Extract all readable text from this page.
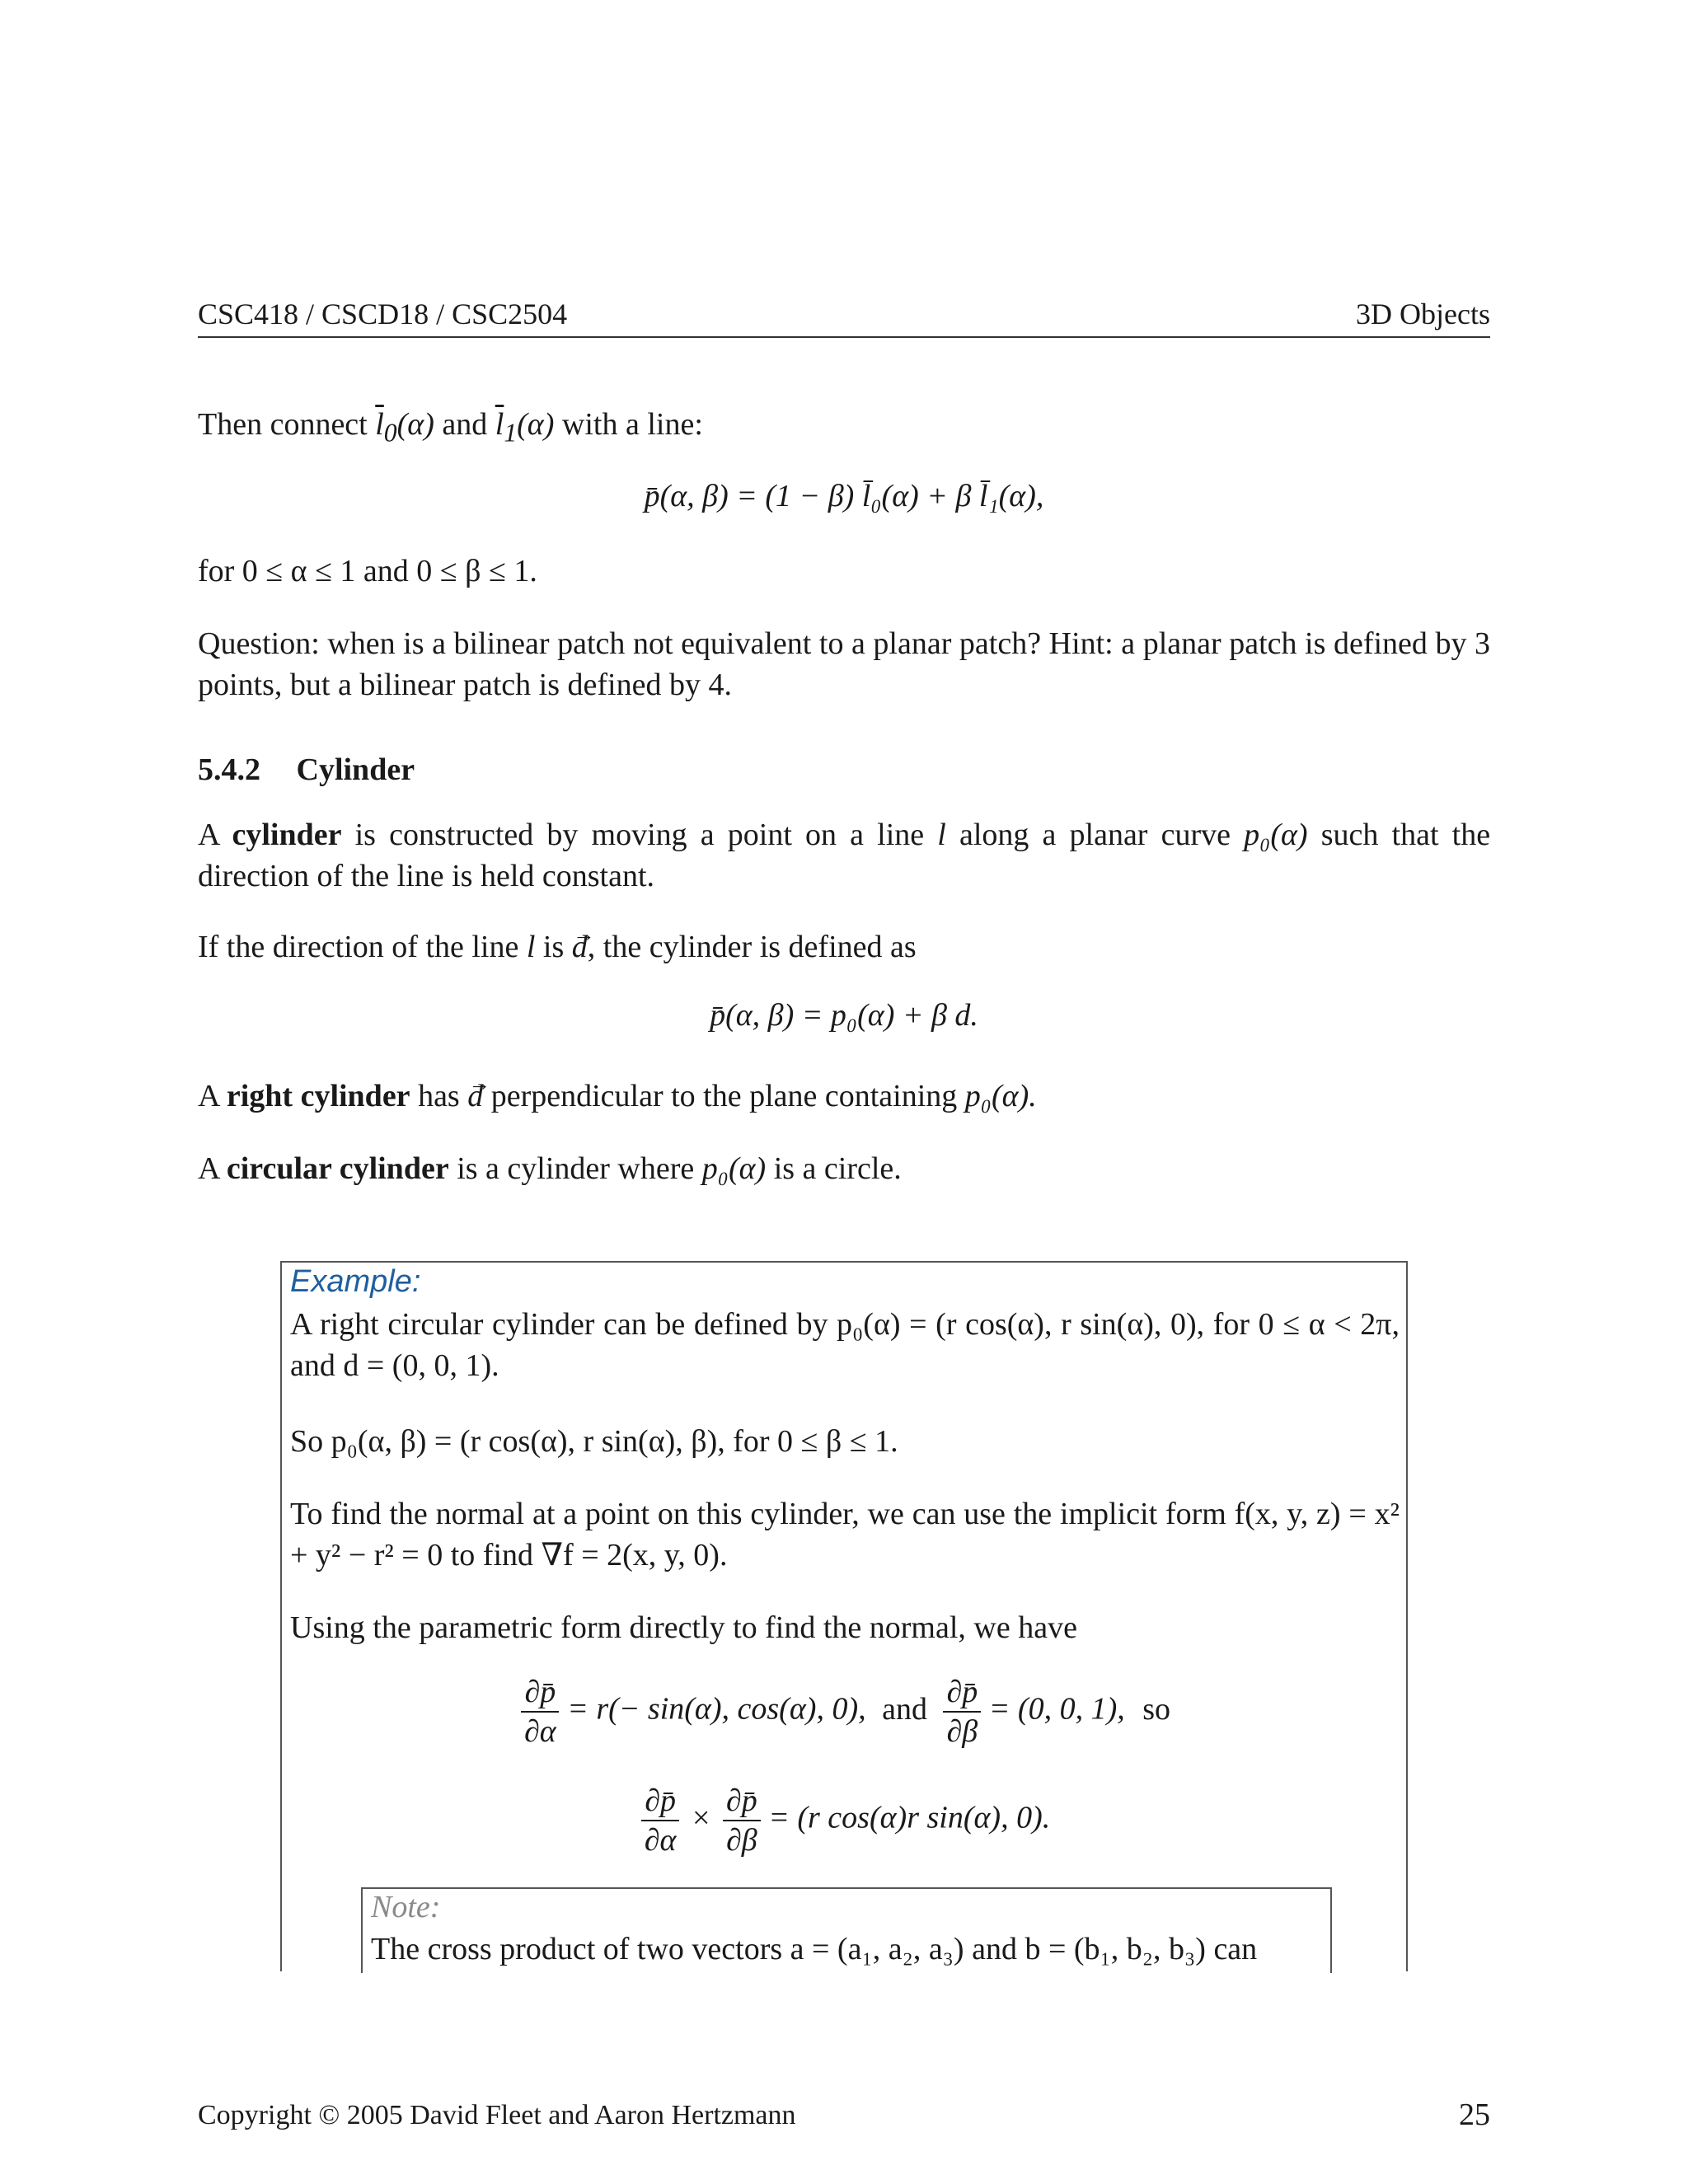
CSC418 / CSCD18 / CSC2504	3D Objects

Then connect $\overline{l}_0(\alpha)$ and $\overline{l}_1(\alpha)$ with a line:

p̄(α, β) = (1 − β) l̄₀(α) + β l̄₁(α),

for 0 ≤ α ≤ 1 and 0 ≤ β ≤ 1.

Question: when is a bilinear patch not equivalent to a planar patch? Hint: a planar patch is defined by 3 points, but a bilinear patch is defined by 4.

5.4.2 Cylinder

A cylinder is constructed by moving a point on a line l along a planar curve p₀(α) such that the direction of the line is held constant.

If the direction of the line l is → d, the cylinder is defined as

p̄(α, β) = p₀(α) + β d.

A right cylinder has → d perpendicular to the plane containing p₀(α).

A circular cylinder is a cylinder where p₀(α) is a circle.

Example:

A right circular cylinder can be defined by p₀(α) = (r cos(α), r sin(α), 0), for 0 ≤ α < 2π, and d = (0, 0, 1).

So p₀(α, β) = (r cos(α), r sin(α), β), for 0 ≤ β ≤ 1.

To find the normal at a point on this cylinder, we can use the implicit form f(x, y, z) = x² + y² − r² = 0 to find ∇f = 2(x, y, 0).

Using the parametric form directly to find the normal, we have

$\frac{\partial p̄}{\partial\alpha} = r(- \sin(\alpha)$, cos(α), 0), and $\frac{\partial p̄}{\partial\beta} = (0$, 0, 1), so
$\frac{\partial p̄}{\partial\alpha} \times \frac{\partial p̄}{\partial\beta} = (r$ cos(α)r sin(α), 0).
Note:

The cross product of two vectors a = (a₁, a₂, a₃) and b = (b₁, b₂, b₃) can

Copyright © 2005 David Fleet and Aaron Hertzmann	25
